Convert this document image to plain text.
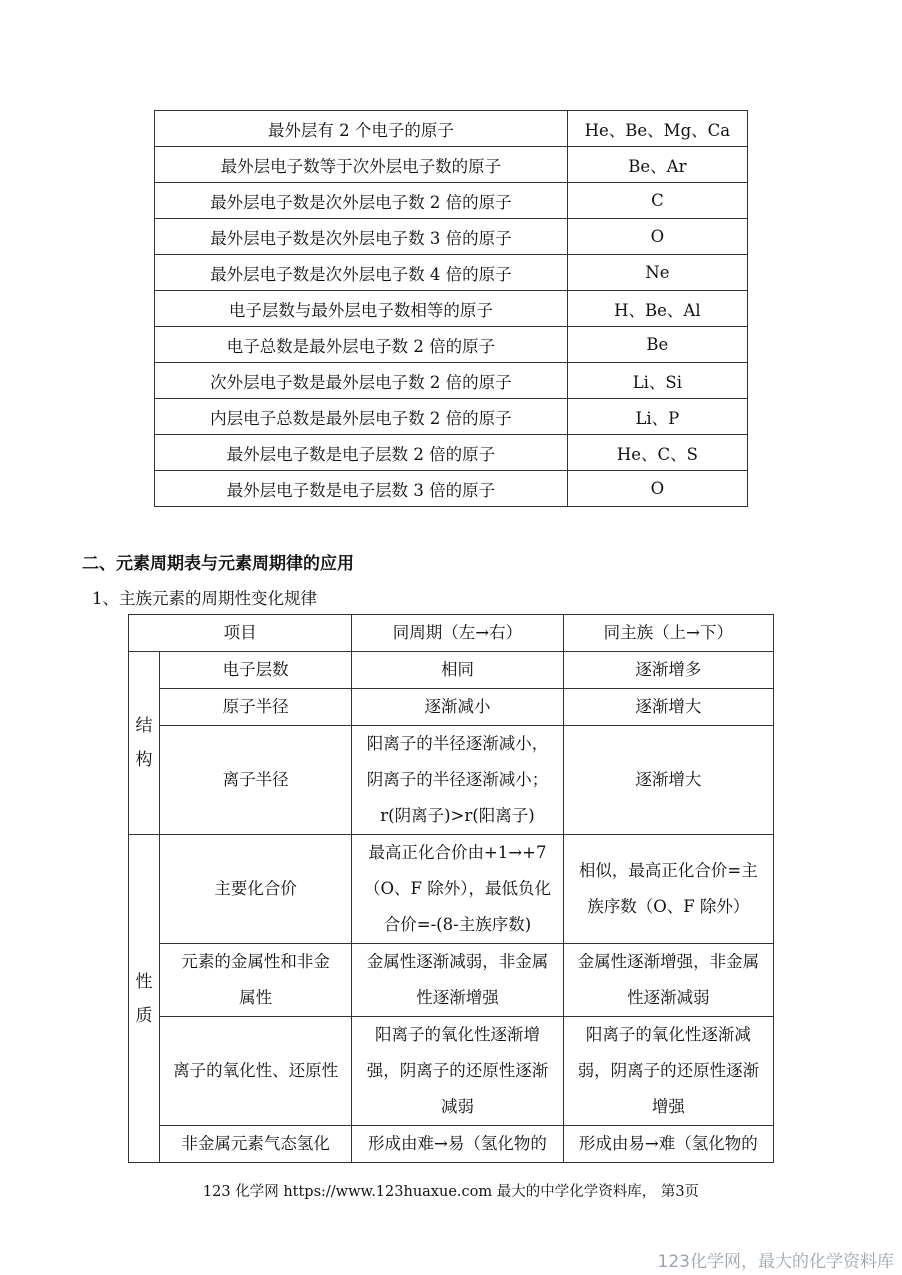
最外层有 2 个电子的原子	He、Be、Mg、Ca
最外层电子数等于次外层电子数的原子	Be、Ar
最外层电子数是次外层电子数 2 倍的原子	C
最外层电子数是次外层电子数 3 倍的原子	O
最外层电子数是次外层电子数 4 倍的原子	Ne
电子层数与最外层电子数相等的原子	H、Be、Al
电子总数是最外层电子数 2 倍的原子	Be
次外层电子数是最外层电子数 2 倍的原子	Li、Si
内层电子总数是最外层电子数 2 倍的原子	Li、P
最外层电子数是电子层数 2 倍的原子	He、C、S
最外层电子数是电子层数 3 倍的原子	O
二、元素周期表与元素周期律的应用
1、主族元素的周期性变化规律
项目		同周期（左→右）	同主族（上→下）
结
构	电子层数	相同	逐渐增多
	原子半径	逐渐减小	逐渐增大
	离子半径	阳离子的半径逐渐减小，
阴离子的半径逐渐减小；
r(阴离子)>r(阳离子)	逐渐增大
性
质	主要化合价	最高正化合价由+1→+7
（O、F 除外），最低负化
合价=-(8-主族序数)	相似，最高正化合价=主
族序数（O、F 除外）
	元素的金属性和非金
属性	金属性逐渐减弱，非金属
性逐渐增强	金属性逐渐增强，非金属
性逐渐减弱
	离子的氧化性、还原性	阳离子的氧化性逐渐增
强，阴离子的还原性逐渐
减弱	阳离子的氧化性逐渐减
弱，阴离子的还原性逐渐
增强
	非金属元素气态氢化	形成由难→易（氢化物的	形成由易→难（氢化物的
123 化学网 https://www.123huaxue.com 最大的中学化学资料库， 第3页
123化学网，最大的化学资料库
